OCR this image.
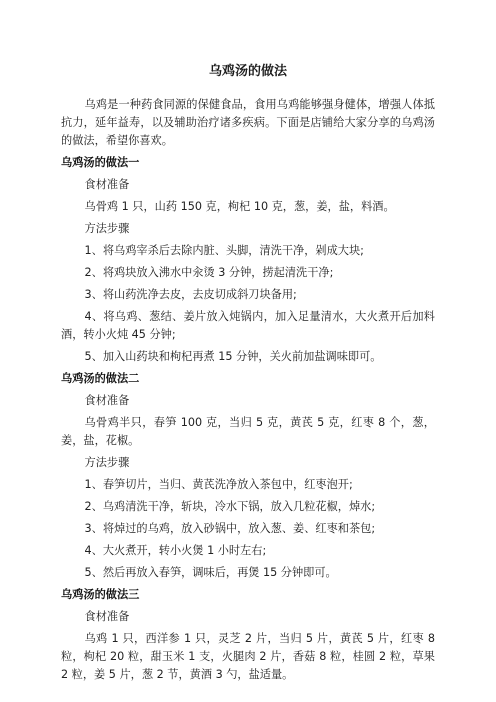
乌鸡汤的做法

乌鸡是一种药食同源的保健食品，食用乌鸡能够强身健体，增强人体抵抗力，延年益寿，以及辅助治疗诸多疾病。下面是店铺给大家分享的乌鸡汤的做法，希望你喜欢。

乌鸡汤的做法一

食材准备

乌骨鸡 1 只，山药 150 克，枸杞 10 克，葱，姜，盐，料酒。

方法步骤

1、将乌鸡宰杀后去除内脏、头脚，清洗干净，剁成大块;

2、将鸡块放入沸水中汆烫 3 分钟，捞起清洗干净;

3、将山药洗净去皮，去皮切成斜刀块备用;

4、将乌鸡、葱结、姜片放入炖锅内，加入足量清水，大火煮开后加料酒，转小火炖 45 分钟;

5、加入山药块和枸杞再煮 15 分钟，关火前加盐调味即可。

乌鸡汤的做法二

食材准备

乌骨鸡半只，春笋 100 克，当归 5 克，黄芪 5 克，红枣 8 个，葱，姜，盐，花椒。

方法步骤

1、春笋切片，当归、黄芪洗净放入茶包中，红枣泡开;

2、乌鸡清洗干净，斩块，冷水下锅，放入几粒花椒，焯水;

3、将焯过的乌鸡，放入砂锅中，放入葱、姜、红枣和茶包;

4、大火煮开，转小火煲 1 小时左右;

5、然后再放入春笋，调味后，再煲 15 分钟即可。

乌鸡汤的做法三

食材准备

乌鸡 1 只，西洋参 1 只，灵芝 2 片，当归 5 片，黄芪 5 片，红枣 8 粒，枸杞 20 粒，甜玉米 1 支，火腿肉 2 片，香菇 8 粒，桂圆 2 粒，草果 2 粒，姜 5 片，葱 2 节，黄酒 3 勺，盐适量。
